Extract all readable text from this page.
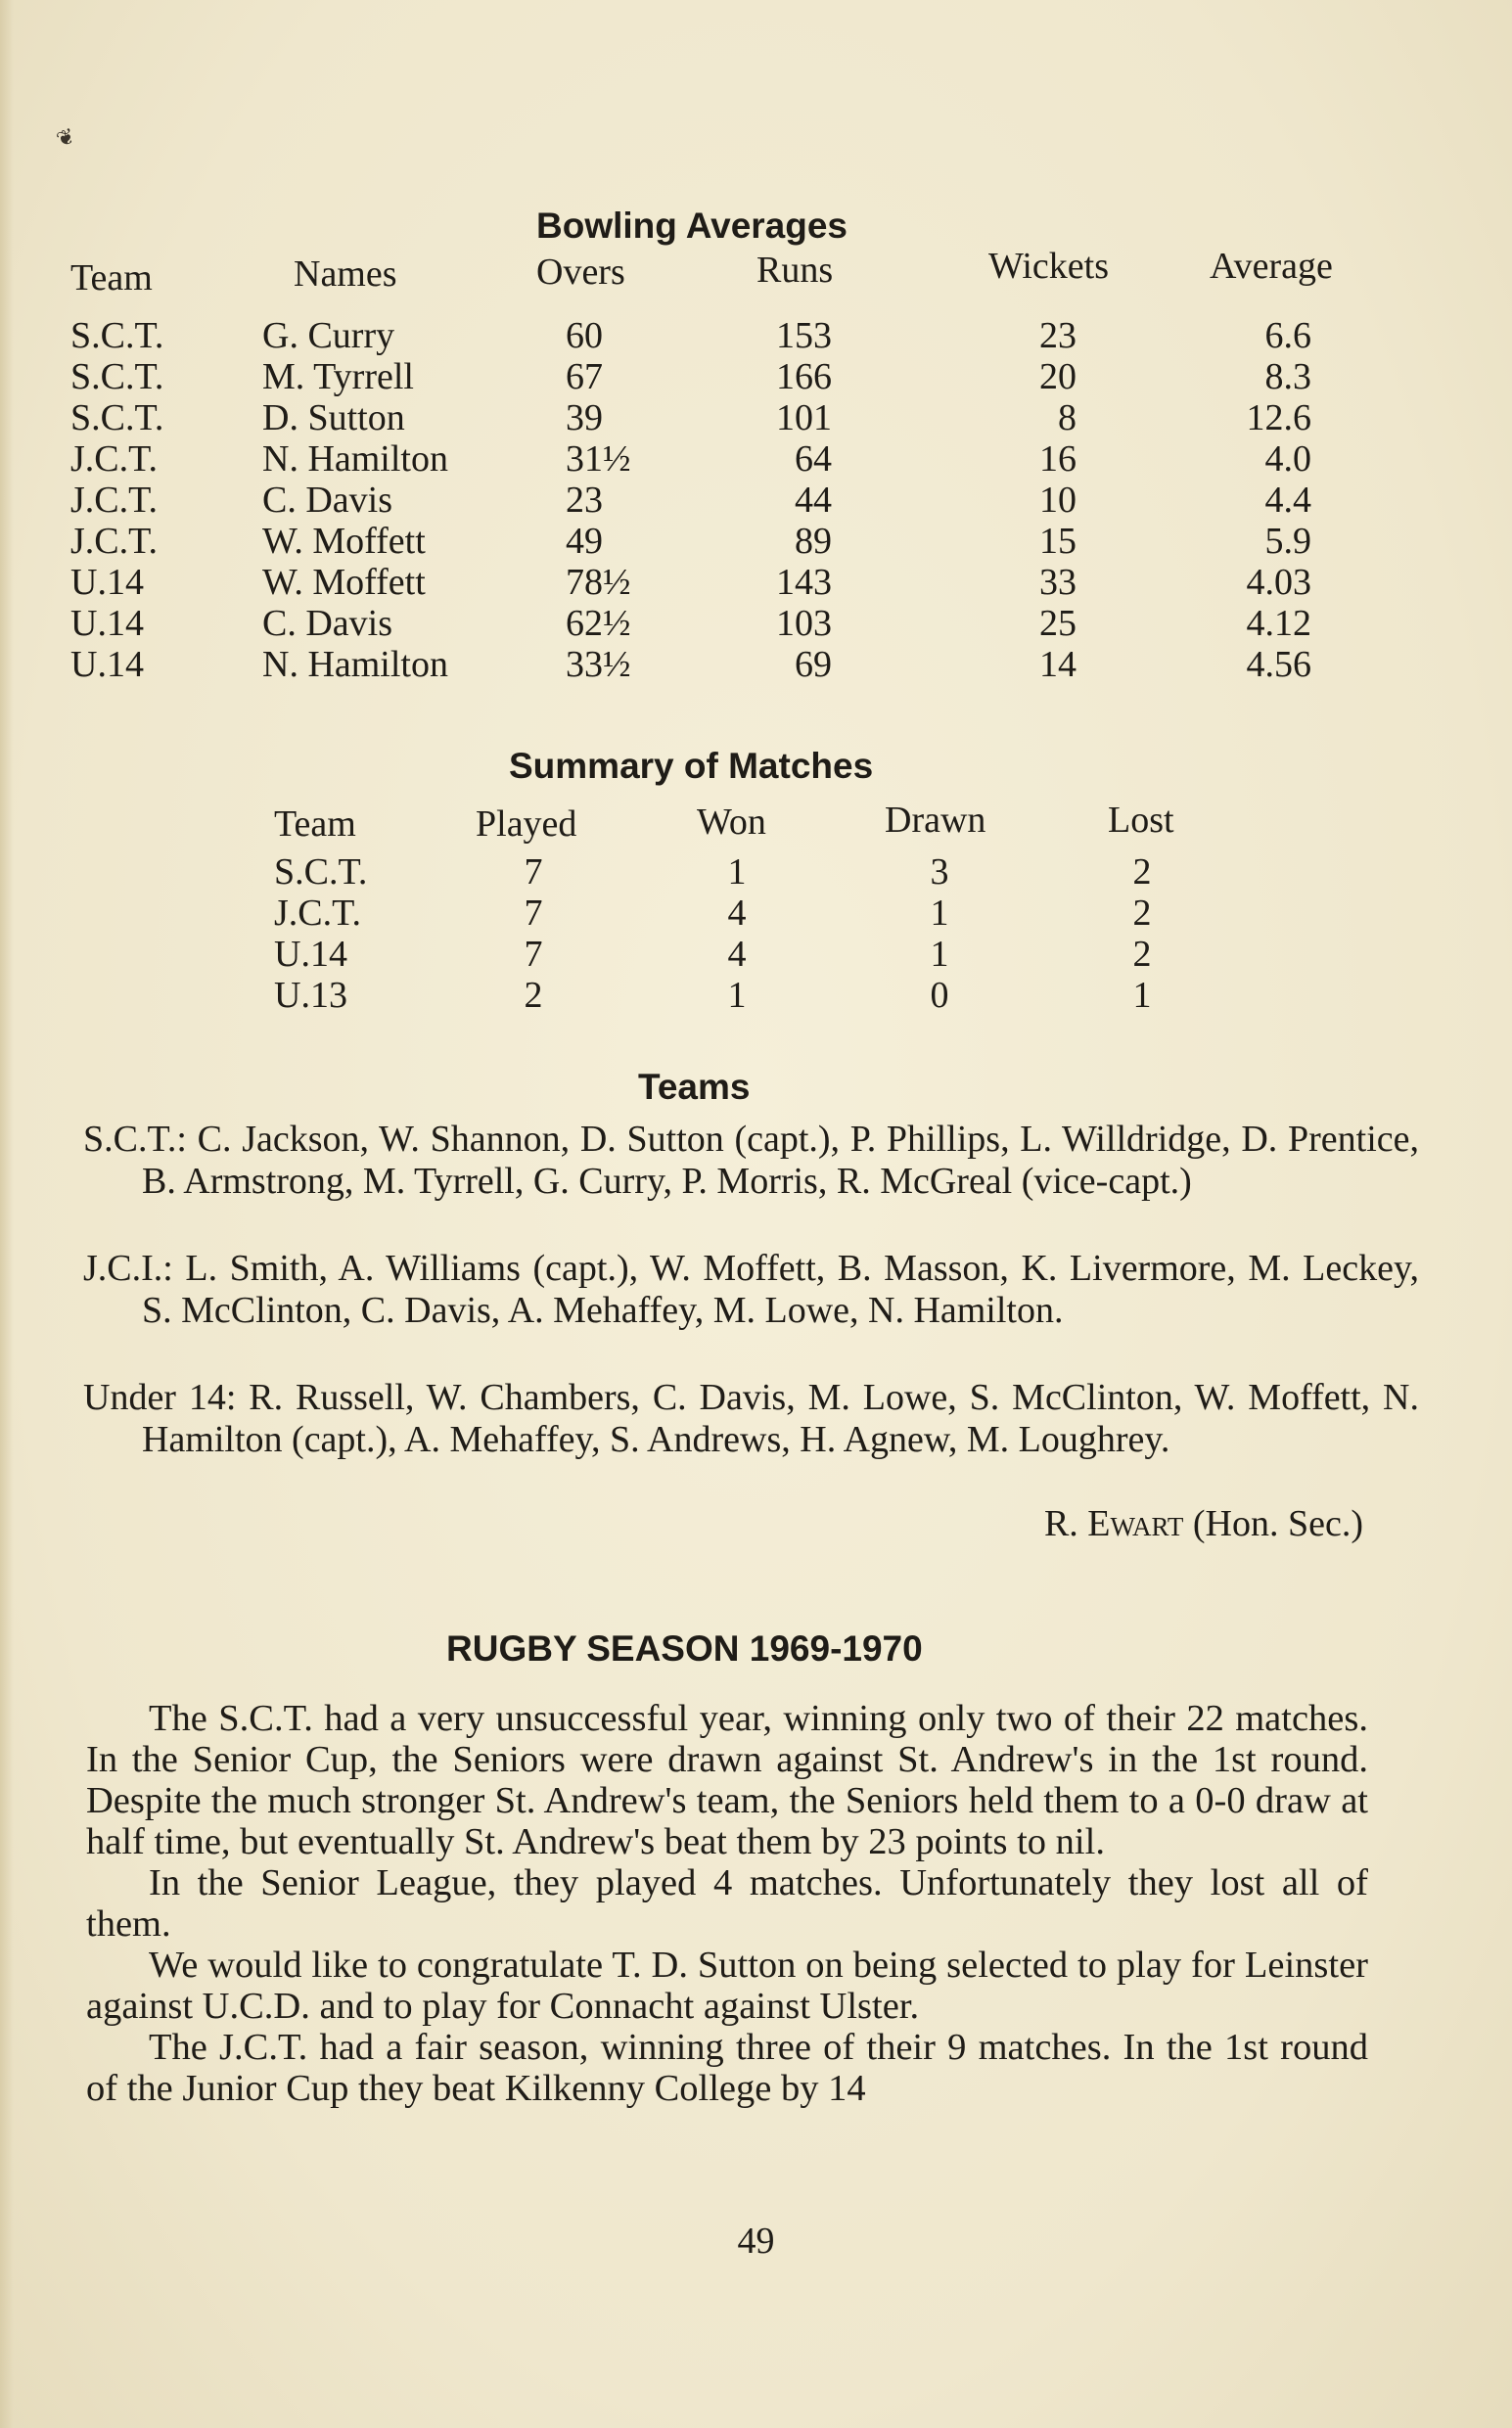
❦
Bowling Averages
Team	Names	Overs	Runs	Wickets	Average
S.C.T.	G. Curry	60	153	23	6.6
S.C.T.	M. Tyrrell	67	166	20	8.3
S.C.T.	D. Sutton	39	101	8	12.6
J.C.T.	N. Hamilton	31½	64	16	4.0
J.C.T.	C. Davis	23	44	10	4.4
J.C.T.	W. Moffett	49	89	15	5.9
U.14	W. Moffett	78½	143	33	4.03
U.14	C. Davis	62½	103	25	4.12
U.14	N. Hamilton	33½	69	14	4.56
Summary of Matches
Team	Played	Won	Drawn	Lost
S.C.T.	7	1	3	2
J.C.T.	7	4	1	2
U.14	7	4	1	2
U.13	2	1	0	1
Teams
S.C.T.: C. Jackson, W. Shannon, D. Sutton (capt.), P. Phillips, L. Willdridge, D. Prentice, B. Armstrong, M. Tyrrell, G. Curry, P. Morris, R. McGreal (vice-capt.)
J.C.I.: L. Smith, A. Williams (capt.), W. Moffett, B. Masson, K. Livermore, M. Leckey, S. McClinton, C. Davis, A. Mehaffey, M. Lowe, N. Hamilton.
Under 14: R. Russell, W. Chambers, C. Davis, M. Lowe, S. McClinton, W. Moffett, N. Hamilton (capt.), A. Mehaffey, S. Andrews, H. Agnew, M. Loughrey.
R. Ewart (Hon. Sec.)
RUGBY SEASON 1969-1970

The S.C.T. had a very unsuccessful year, winning only two of their 22 matches. In the Senior Cup, the Seniors were drawn against St. Andrew's in the 1st round. Despite the much stronger St. Andrew's team, the Seniors held them to a 0-0 draw at half time, but eventually St. Andrew's beat them by 23 points to nil.

In the Senior League, they played 4 matches. Unfortunately they lost all of them.

We would like to congratulate T. D. Sutton on being selected to play for Leinster against U.C.D. and to play for Connacht against Ulster.

The J.C.T. had a fair season, winning three of their 9 matches. In the 1st round of the Junior Cup they beat Kilkenny College by 14

49
